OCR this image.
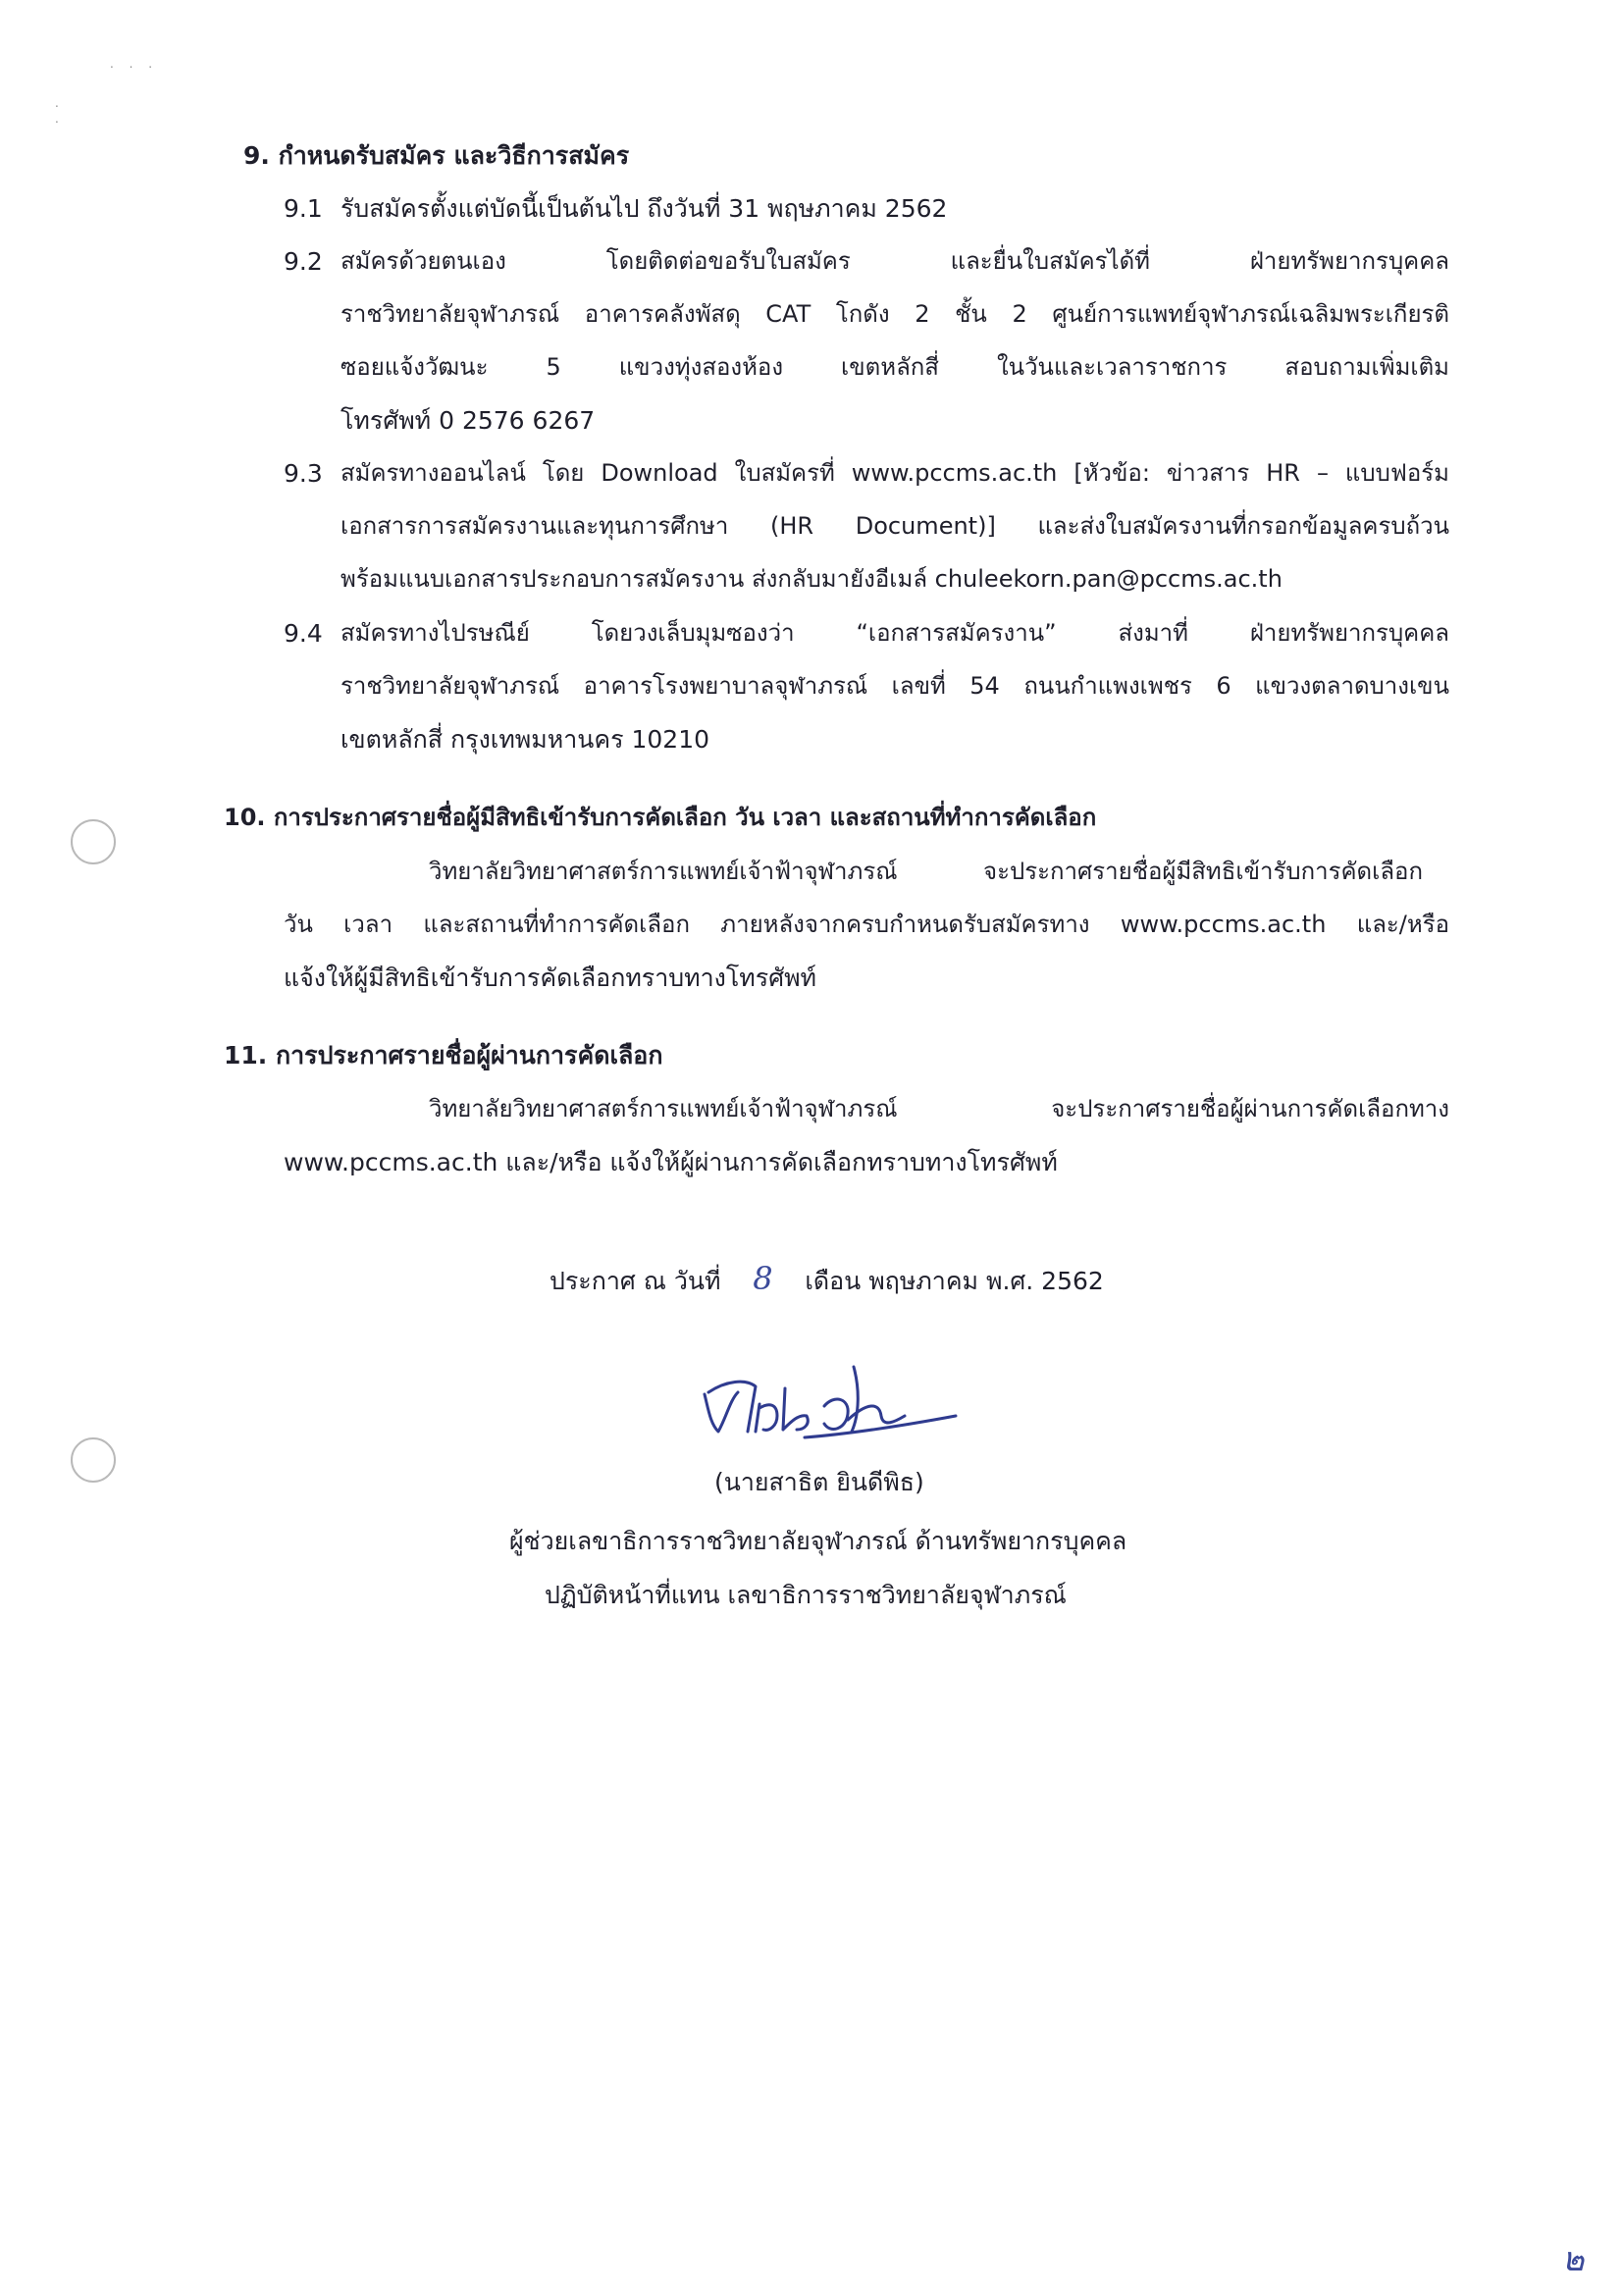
. . .
.
.
9. กำหนดรับสมัคร และวิธีการสมัคร
9.1 รับสมัครตั้งแต่บัดนี้เป็นต้นไป ถึงวันที่ 31 พฤษภาคม 2562
9.2 สมัครด้วยตนเอง โดยติดต่อขอรับใบสมัคร และยื่นใบสมัครได้ที่ ฝ่ายทรัพยากรบุคคล
ราชวิทยาลัยจุฬาภรณ์ อาคารคลังพัสดุ CAT โกดัง 2 ชั้น 2 ศูนย์การแพทย์จุฬาภรณ์เฉลิมพระเกียรติ
ซอยแจ้งวัฒนะ 5 แขวงทุ่งสองห้อง เขตหลักสี่ ในวันและเวลาราชการ สอบถามเพิ่มเติม
โทรศัพท์ 0 2576 6267
9.3 สมัครทางออนไลน์ โดย Download ใบสมัครที่ www.pccms.ac.th [หัวข้อ: ข่าวสาร HR – แบบฟอร์ม
เอกสารการสมัครงานและทุนการศึกษา (HR Document)] และส่งใบสมัครงานที่กรอกข้อมูลครบถ้วน
พร้อมแนบเอกสารประกอบการสมัครงาน ส่งกลับมายังอีเมล์ chuleekorn.pan@pccms.ac.th
9.4 สมัครทางไปรษณีย์ โดยวงเล็บมุมซองว่า “เอกสารสมัครงาน” ส่งมาที่ ฝ่ายทรัพยากรบุคคล
ราชวิทยาลัยจุฬาภรณ์ อาคารโรงพยาบาลจุฬาภรณ์ เลขที่ 54 ถนนกำแพงเพชร 6 แขวงตลาดบางเขน
เขตหลักสี่ กรุงเทพมหานคร 10210
10. การประกาศรายชื่อผู้มีสิทธิเข้ารับการคัดเลือก วัน เวลา และสถานที่ทำการคัดเลือก
วิทยาลัยวิทยาศาสตร์การแพทย์เจ้าฟ้าจุฬาภรณ์ จะประกาศรายชื่อผู้มีสิทธิเข้ารับการคัดเลือก
วัน เวลา และสถานที่ทำการคัดเลือก ภายหลังจากครบกำหนดรับสมัครทาง www.pccms.ac.th และ/หรือ
แจ้งให้ผู้มีสิทธิเข้ารับการคัดเลือกทราบทางโทรศัพท์
11. การประกาศรายชื่อผู้ผ่านการคัดเลือก
วิทยาลัยวิทยาศาสตร์การแพทย์เจ้าฟ้าจุฬาภรณ์ จะประกาศรายชื่อผู้ผ่านการคัดเลือกทาง
www.pccms.ac.th และ/หรือ แจ้งให้ผู้ผ่านการคัดเลือกทราบทางโทรศัพท์
ประกาศ ณ วันที่ 8 เดือน พฤษภาคม พ.ศ. 2562
(นายสาธิต ยินดีพิธ)
ผู้ช่วยเลขาธิการราชวิทยาลัยจุฬาภรณ์ ด้านทรัพยากรบุคคล
ปฏิบัติหน้าที่แทน เลขาธิการราชวิทยาลัยจุฬาภรณ์
๒
